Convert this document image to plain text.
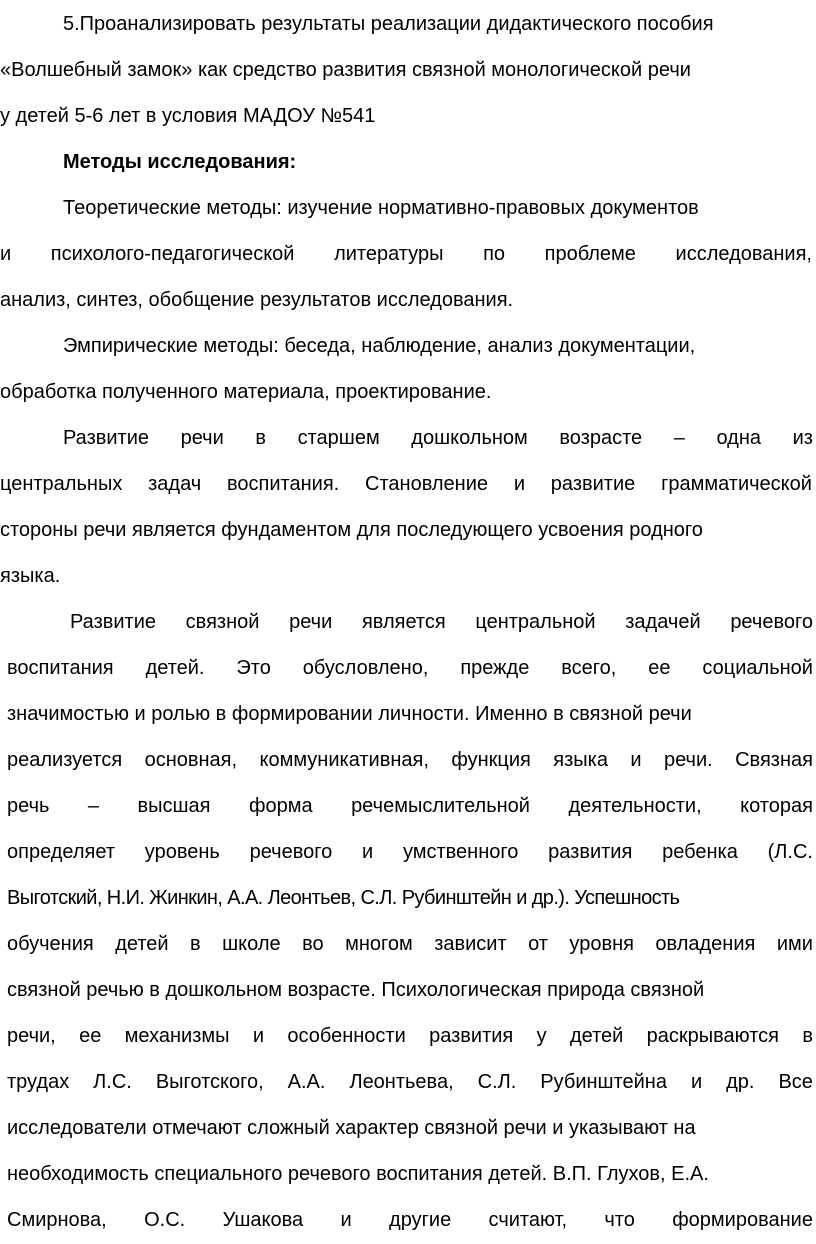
5.Проанализировать результаты реализации дидактического пособия
«Волшебный замок» как средство развития связной монологической речи
у детей 5-6 лет в условия МАДОУ №541
Методы исследования:
Теоретические методы: изучение нормативно-правовых документов
и психолого-педагогической литературы по проблеме исследования,
анализ, синтез, обобщение результатов исследования.
Эмпирические методы: беседа, наблюдение, анализ документации,
обработка полученного материала, проектирование.
Развитие речи в старшем дошкольном возрасте – одна из
центральных задач воспитания. Становление и развитие грамматической
стороны речи является фундаментом для последующего усвоения родного
языка.
Развитие связной речи является центральной задачей речевого
воспитания детей. Это обусловлено, прежде всего, ее социальной
значимостью и ролью в формировании личности. Именно в связной речи
реализуется основная, коммуникативная, функция языка и речи. Связная
речь – высшая форма речемыслительной деятельности, которая
определяет уровень речевого и умственного развития ребенка (Л.С.
Выготский, Н.И. Жинкин, А.А. Леонтьев, С.Л. Рубинштейн и др.). Успешность
обучения детей в школе во многом зависит от уровня овладения ими
связной речью в дошкольном возрасте. Психологическая природа связной
речи, ее механизмы и особенности развития у детей раскрываются в
трудах Л.С. Выготского, А.А. Леонтьева, С.Л. Рубинштейна и др. Все
исследователи отмечают сложный характер связной речи и указывают на
необходимость специального речевого воспитания детей. В.П. Глухов, Е.А.
Смирнова, О.С. Ушакова и другие считают, что формирование
